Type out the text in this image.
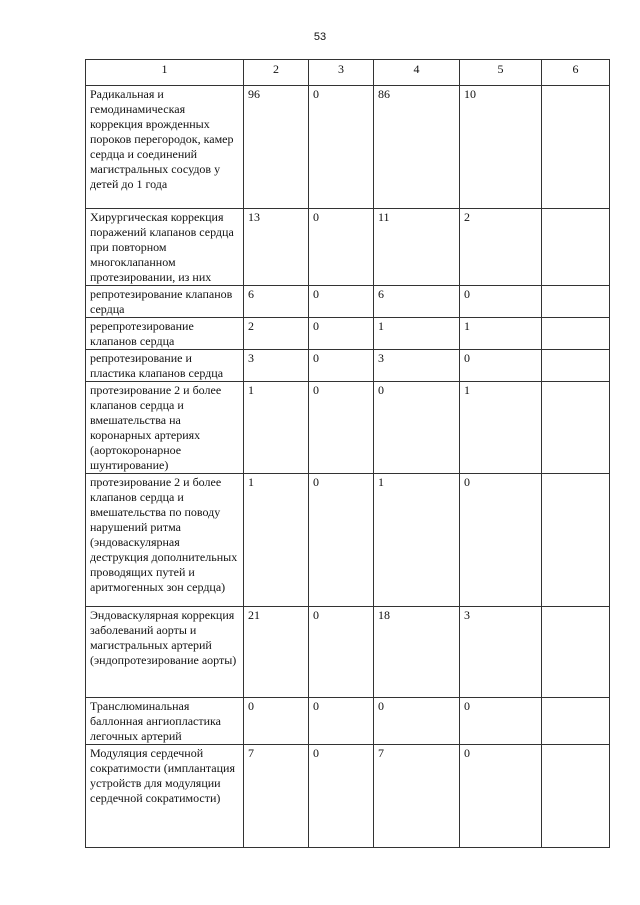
53
1	2	3	4	5	6
Радикальная и гемодинамическая коррекция врожденных пороков перегородок, камер сердца и соединений магистральных сосудов у детей до 1 года	96	0	86	10	
Хирургическая коррекция поражений клапанов сердца при повторном многоклапанном протезировании, из них	13	0	11	2	
репротезирование клапанов сердца	6	0	6	0	
ререпротезирование клапанов сердца	2	0	1	1	
репротезирование и пластика клапанов сердца	3	0	3	0	
протезирование 2 и более клапанов сердца и вмешательства на коронарных артериях (аортокоронарное шунтирование)	1	0	0	1	
протезирование 2 и более клапанов сердца и вмешательства по поводу нарушений ритма (эндоваскулярная деструкция дополнительных проводящих путей и аритмогенных зон сердца)	1	0	1	0	
Эндоваскулярная коррекция заболеваний аорты и магистральных артерий (эндопротезирование аорты)	21	0	18	3	
Транслюминальная баллонная ангиопластика легочных артерий	0	0	0	0	
Модуляция сердечной сократимости (имплантация устройств для модуляции сердечной сократимости)	7	0	7	0	
